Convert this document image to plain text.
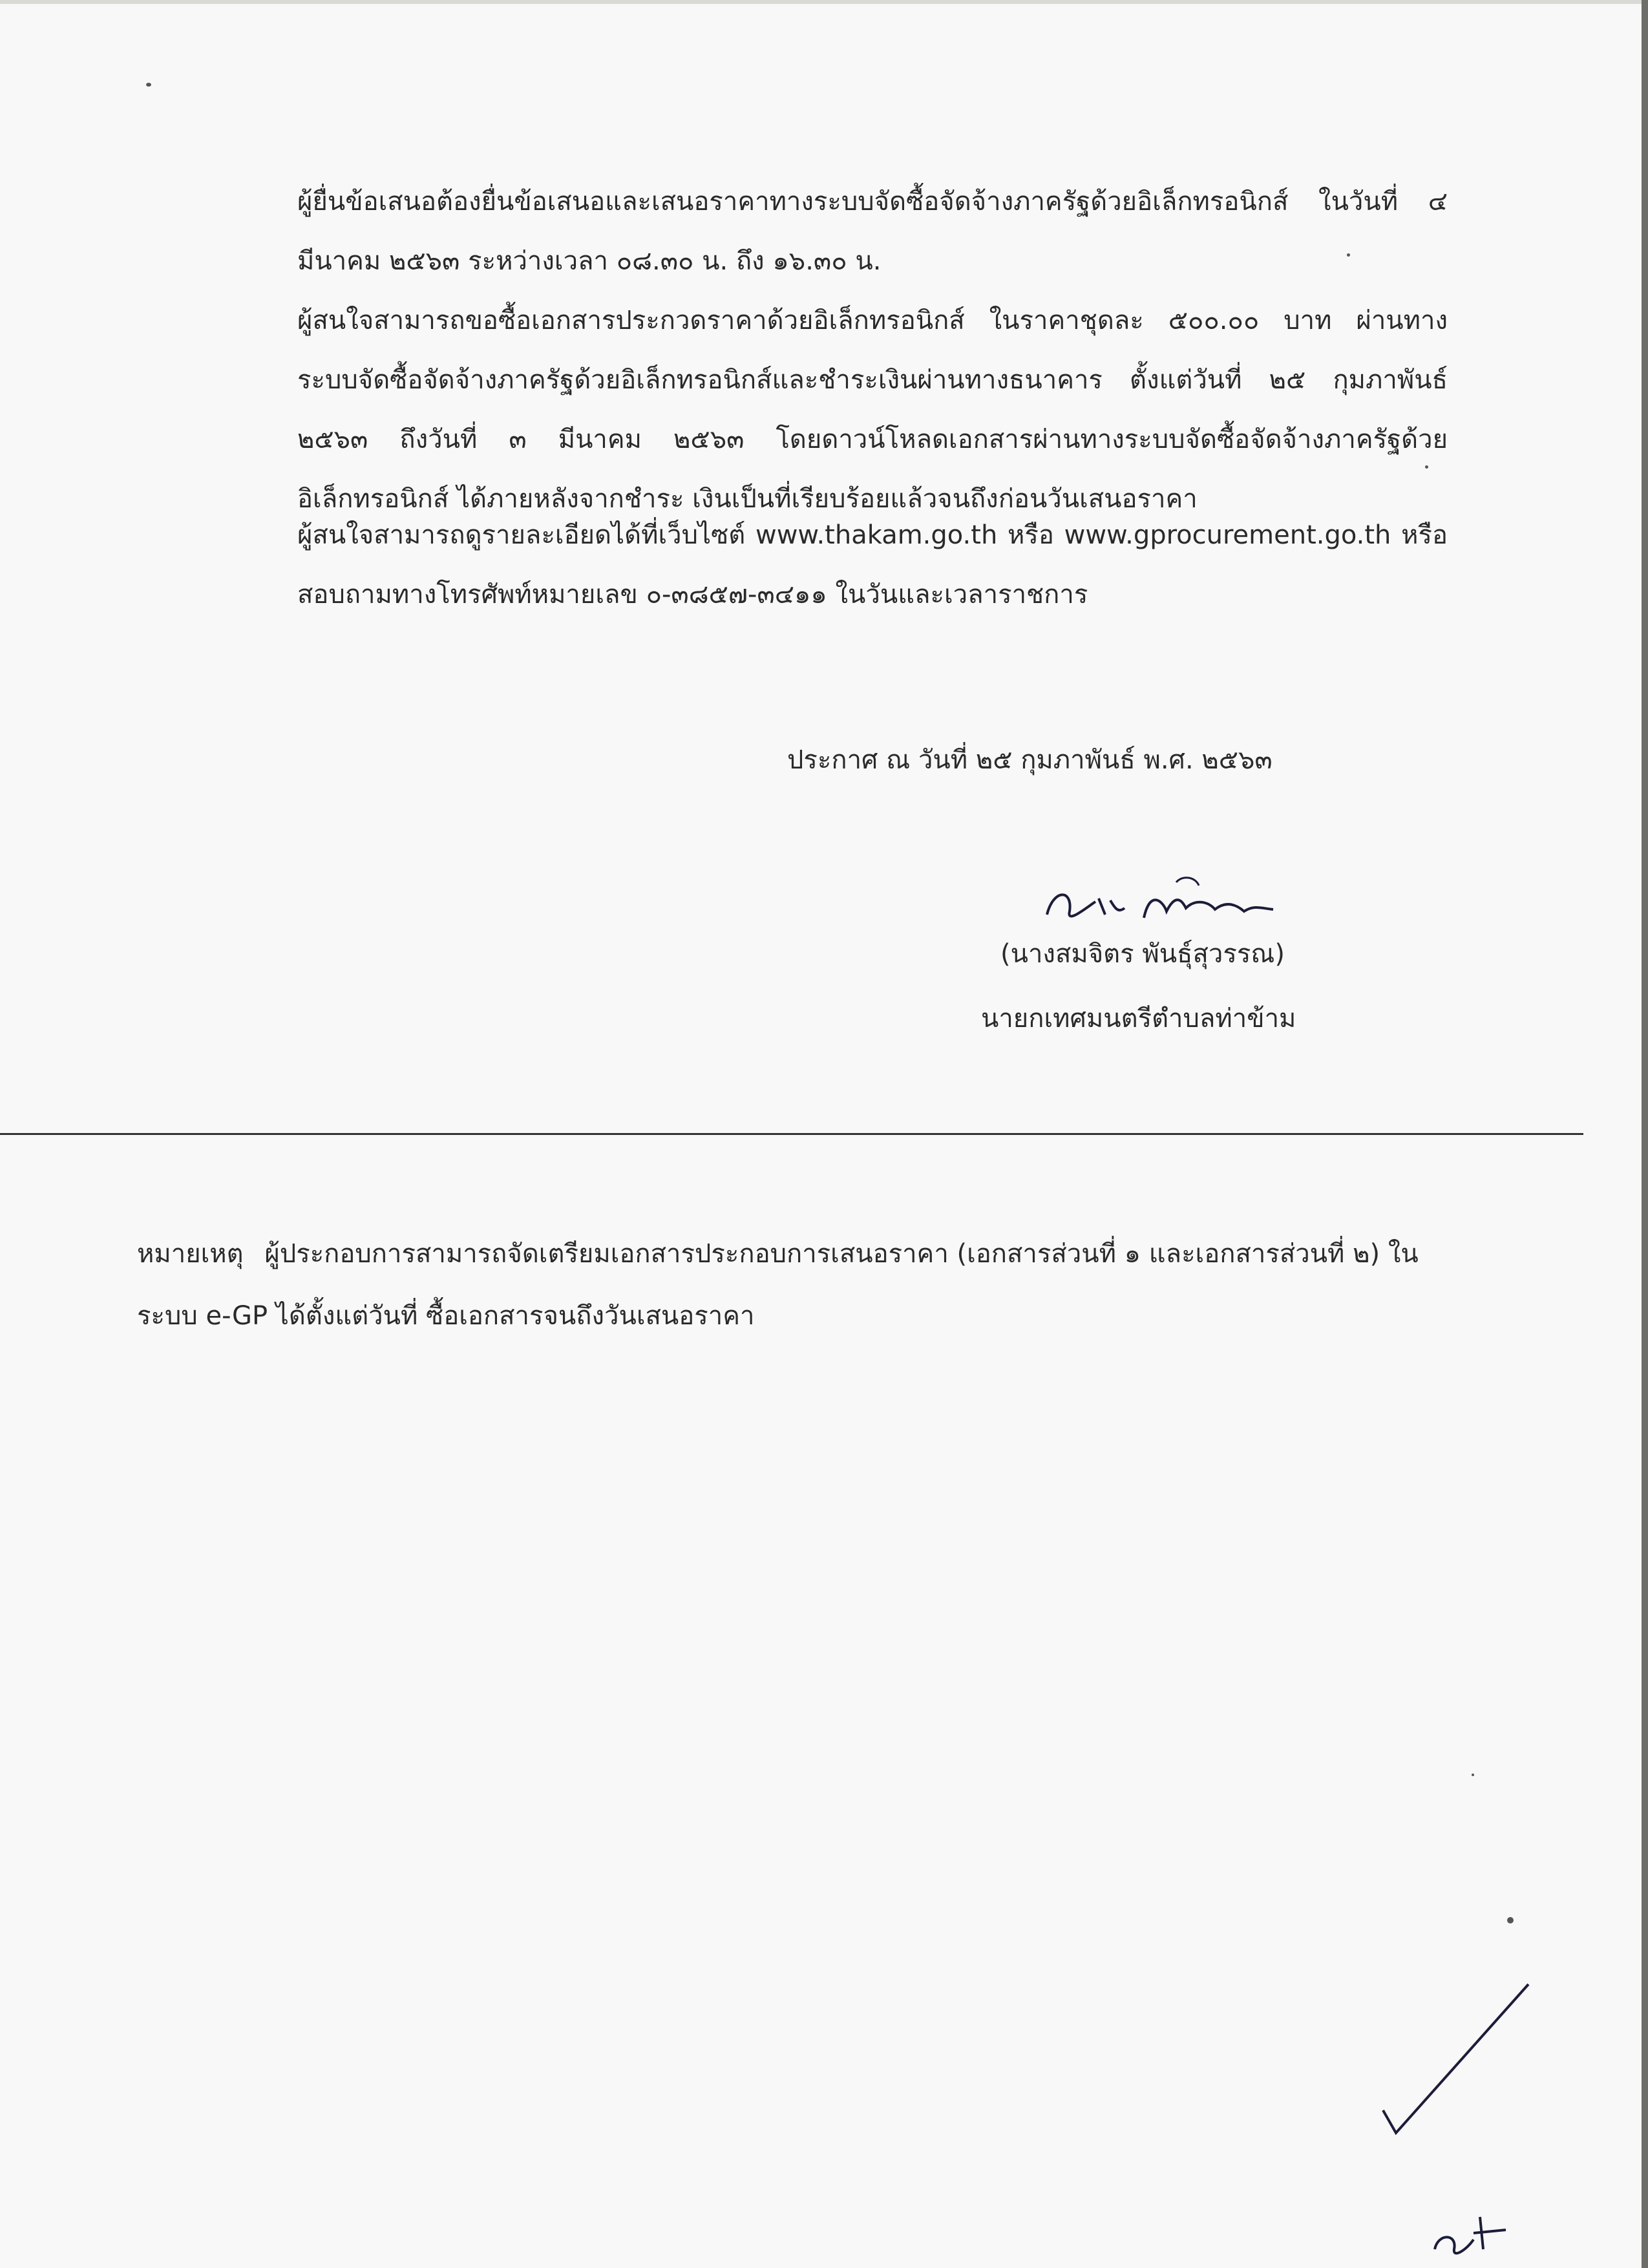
ผู้ยื่นข้อเสนอต้องยื่นข้อเสนอและเสนอราคาทางระบบจัดซื้อจัดจ้างภาครัฐด้วยอิเล็กทรอนิกส์ ในวันที่ ๔ มีนาคม ๒๕๖๓ ระหว่างเวลา ๐๘.๓๐ น. ถึง ๑๖.๓๐ น.

ผู้สนใจสามารถขอซื้อเอกสารประกวดราคาด้วยอิเล็กทรอนิกส์ ในราคาชุดละ ๕๐๐.๐๐ บาท ผ่านทาง ระบบจัดซื้อจัดจ้างภาครัฐด้วยอิเล็กทรอนิกส์และชำระเงินผ่านทางธนาคาร ตั้งแต่วันที่ ๒๕ กุมภาพันธ์ ๒๕๖๓ ถึงวันที่ ๓ มีนาคม ๒๕๖๓ โดยดาวน์โหลดเอกสารผ่านทางระบบจัดซื้อจัดจ้างภาครัฐด้วยอิเล็กทรอนิกส์ ได้ภายหลังจากชำระ เงินเป็นที่เรียบร้อยแล้วจนถึงก่อนวันเสนอราคา

ผู้สนใจสามารถดูรายละเอียดได้ที่เว็บไซต์ www.thakam.go.th หรือ www.gprocurement.go.th หรือ สอบถามทางโทรศัพท์หมายเลข ๐-๓๘๕๗-๓๔๑๑ ในวันและเวลาราชการ

ประกาศ ณ วันที่ ๒๕ กุมภาพันธ์ พ.ศ. ๒๕๖๓
(นางสมจิตร พันธุ์สุวรรณ)
นายกเทศมนตรีตำบลท่าข้าม

หมายเหตุ ผู้ประกอบการสามารถจัดเตรียมเอกสารประกอบการเสนอราคา (เอกสารส่วนที่ ๑ และเอกสารส่วนที่ ๒) ในระบบ e-GP ได้ตั้งแต่วันที่ ซื้อเอกสารจนถึงวันเสนอราคา
